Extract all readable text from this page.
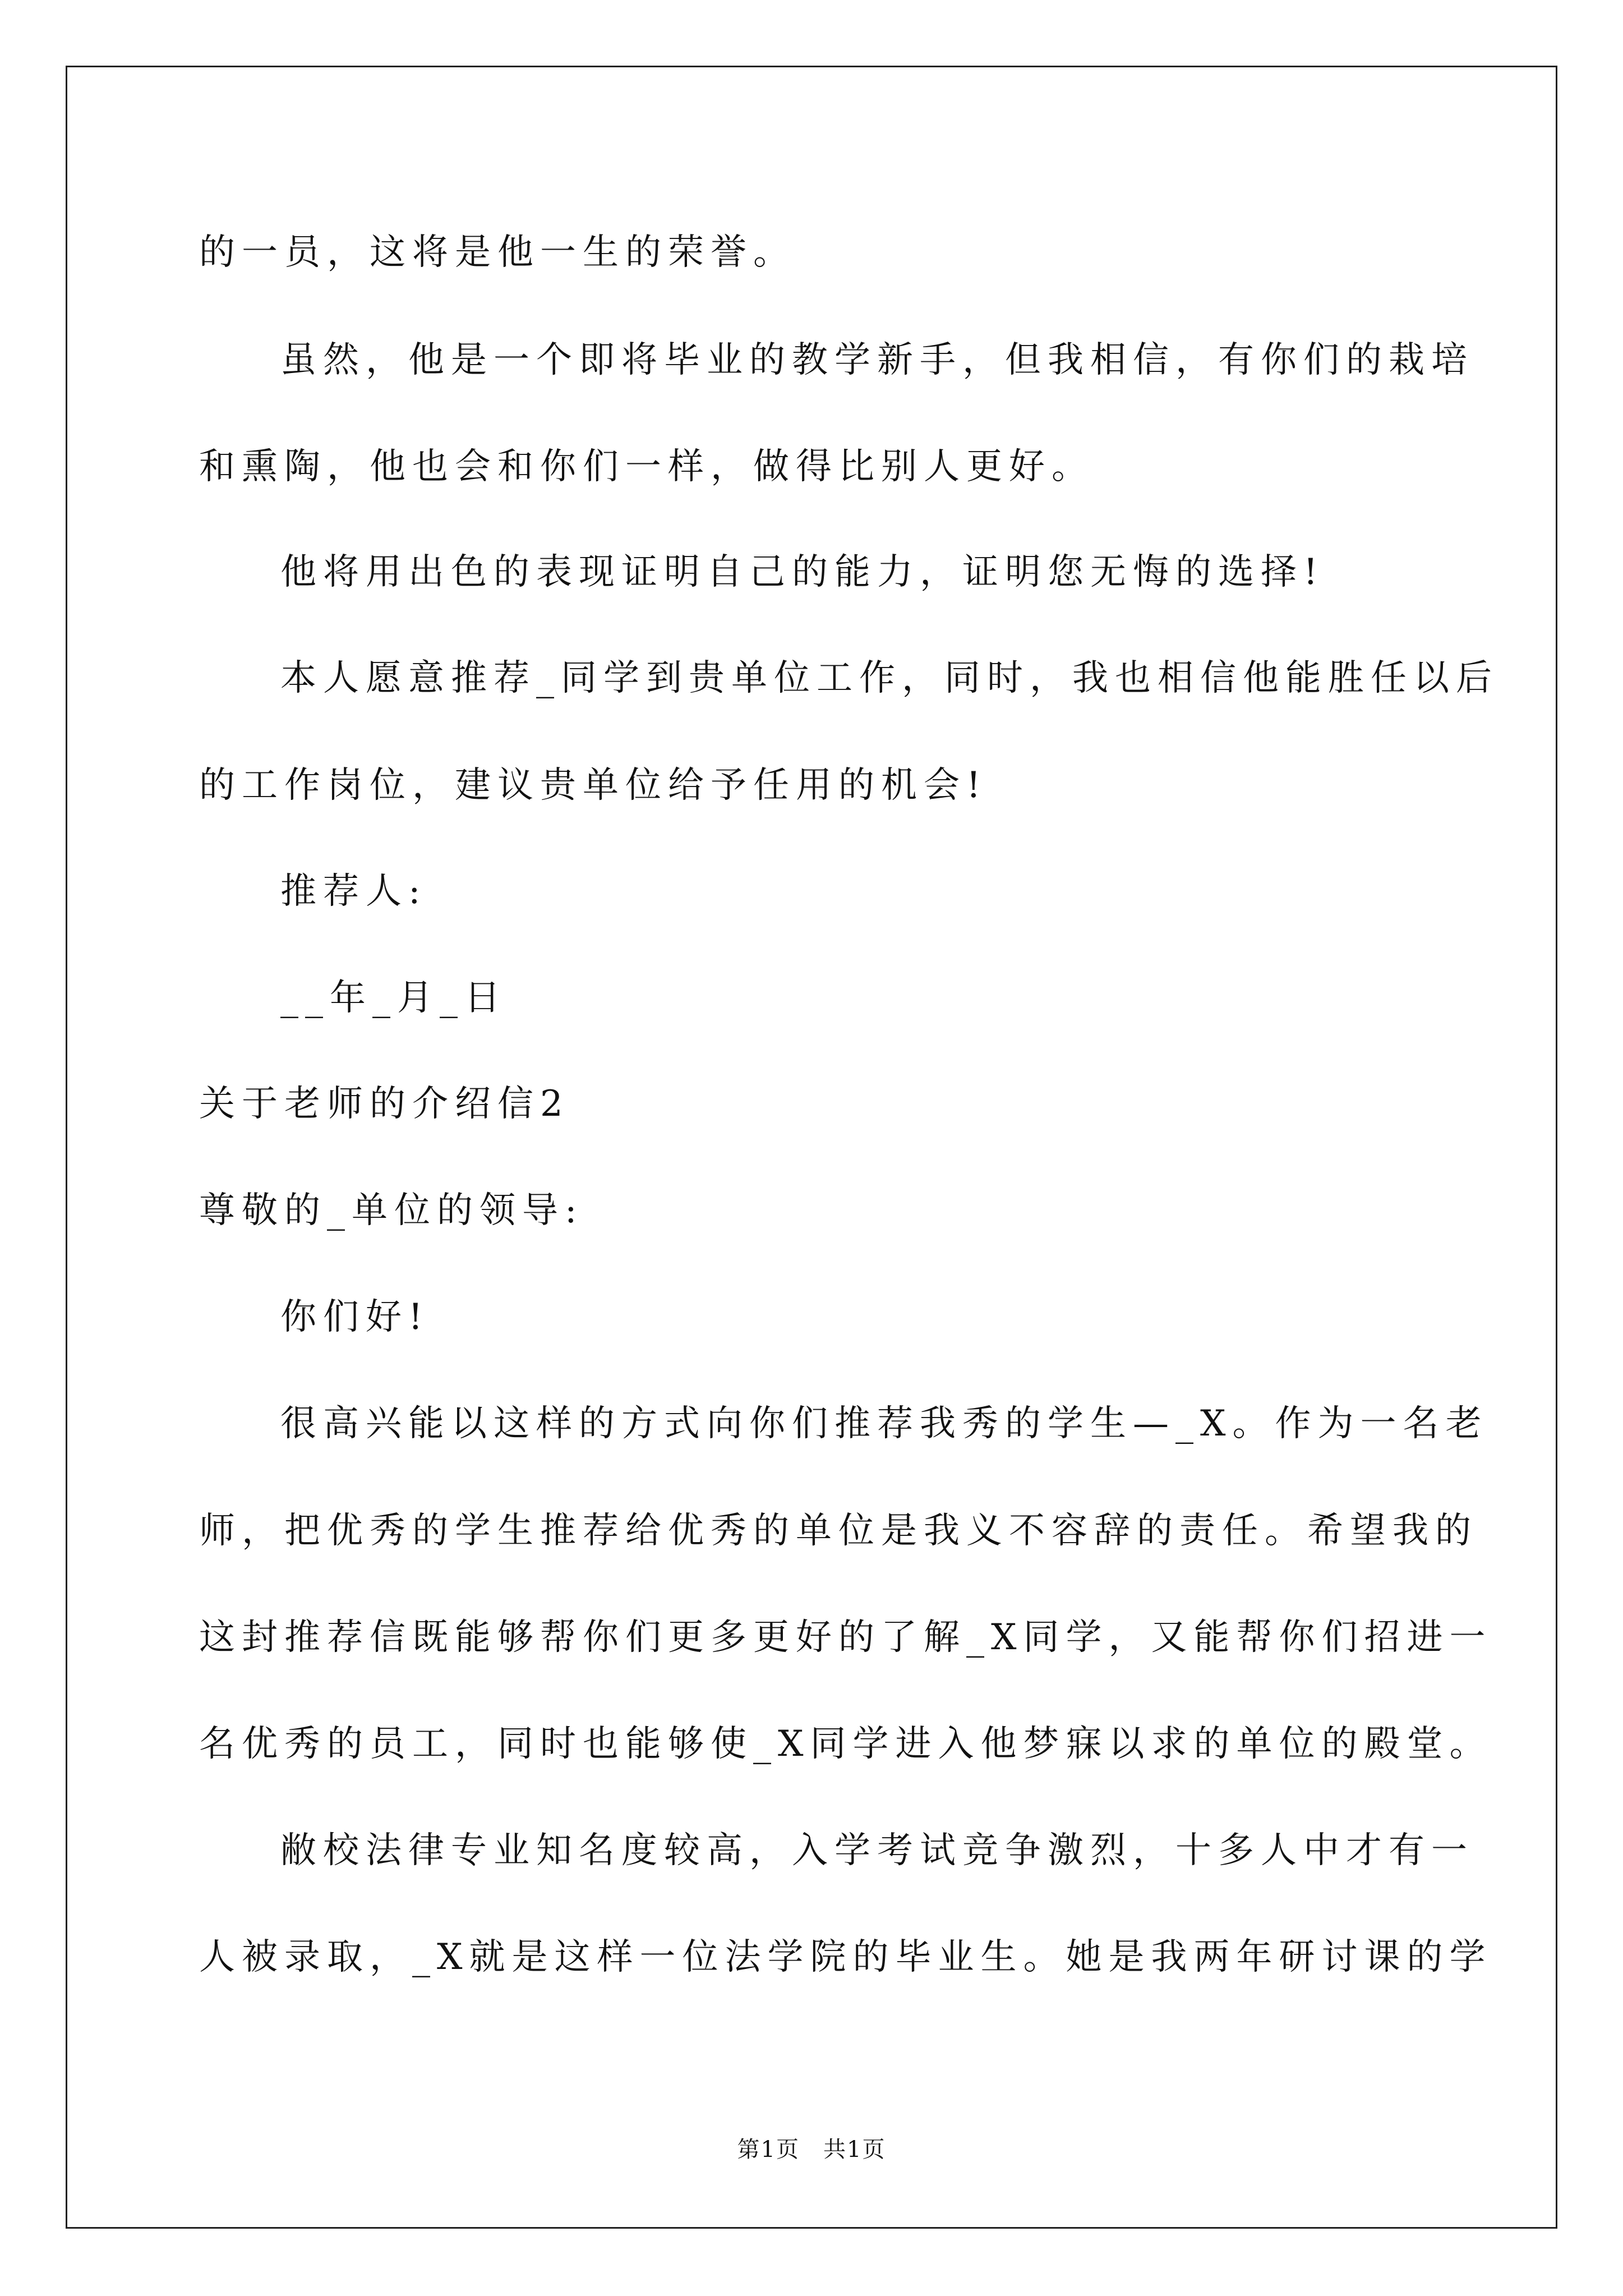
的一员，这将是他一生的荣誉。
虽然，他是一个即将毕业的教学新手，但我相信，有你们的栽培
和熏陶，他也会和你们一样，做得比别人更好。
他将用出色的表现证明自己的能力，证明您无悔的选择!
本人愿意推荐_同学到贵单位工作，同时，我也相信他能胜任以后
的工作岗位，建议贵单位给予任用的机会!
推荐人:
__年_月_日
关于老师的介绍信2
尊敬的_单位的领导:
你们好!
很高兴能以这样的方式向你们推荐我秀的学生—_X。作为一名老
师，把优秀的学生推荐给优秀的单位是我义不容辞的责任。希望我的
这封推荐信既能够帮你们更多更好的了解_X同学，又能帮你们招进一
名优秀的员工，同时也能够使_X同学进入他梦寐以求的单位的殿堂。
敝校法律专业知名度较高，入学考试竞争激烈，十多人中才有一
人被录取，_X就是这样一位法学院的毕业生。她是我两年研讨课的学
第1页　共1页
